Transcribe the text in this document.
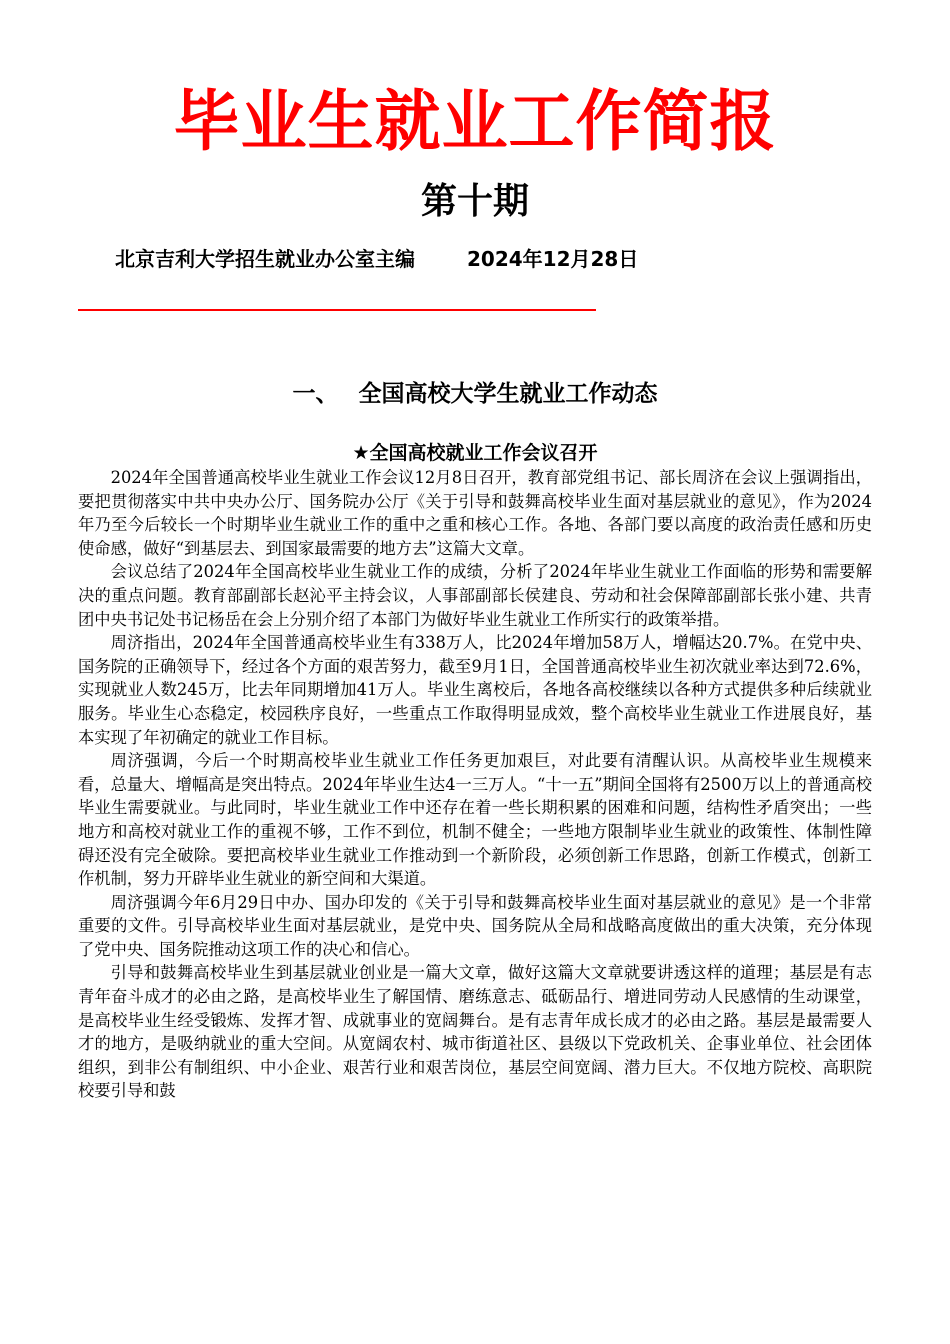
毕业生就业工作简报
第十期
北京吉利大学招生就业办公室主编	2024年12月28日
一、 全国高校大学生就业工作动态
★全国高校就业工作会议召开

2024年全国普通高校毕业生就业工作会议12月8日召开，教育部党组书记、部长周济在会议上强调指出，要把贯彻落实中共中央办公厅、国务院办公厅《关于引导和鼓舞高校毕业生面对基层就业的意见》，作为2024年乃至今后较长一个时期毕业生就业工作的重中之重和核心工作。各地、各部门要以高度的政治责任感和历史使命感，做好“到基层去、到国家最需要的地方去”这篇大文章。

会议总结了2024年全国高校毕业生就业工作的成绩，分析了2024年毕业生就业工作面临的形势和需要解决的重点问题。教育部副部长赵沁平主持会议，人事部副部长侯建良、劳动和社会保障部副部长张小建、共青团中央书记处书记杨岳在会上分别介绍了本部门为做好毕业生就业工作所实行的政策举措。

周济指出，2024年全国普通高校毕业生有338万人，比2024年增加58万人，增幅达20.7%。在党中央、国务院的正确领导下，经过各个方面的艰苦努力，截至9月1日，全国普通高校毕业生初次就业率达到72.6%，实现就业人数245万，比去年同期增加41万人。毕业生离校后，各地各高校继续以各种方式提供多种后续就业服务。毕业生心态稳定，校园秩序良好，一些重点工作取得明显成效，整个高校毕业生就业工作进展良好，基本实现了年初确定的就业工作目标。

周济强调，今后一个时期高校毕业生就业工作任务更加艰巨，对此要有清醒认识。从高校毕业生规模来看，总量大、增幅高是突出特点。2024年毕业生达4一三万人。“十一五”期间全国将有2500万以上的普通高校毕业生需要就业。与此同时，毕业生就业工作中还存在着一些长期积累的困难和问题，结构性矛盾突出；一些地方和高校对就业工作的重视不够，工作不到位，机制不健全；一些地方限制毕业生就业的政策性、体制性障碍还没有完全破除。要把高校毕业生就业工作推动到一个新阶段，必须创新工作思路，创新工作模式，创新工作机制，努力开辟毕业生就业的新空间和大渠道。

周济强调今年6月29日中办、国办印发的《关于引导和鼓舞高校毕业生面对基层就业的意见》是一个非常重要的文件。引导高校毕业生面对基层就业，是党中央、国务院从全局和战略高度做出的重大决策，充分体现了党中央、国务院推动这项工作的决心和信心。

引导和鼓舞高校毕业生到基层就业创业是一篇大文章，做好这篇大文章就要讲透这样的道理；基层是有志青年奋斗成才的必由之路，是高校毕业生了解国情、磨练意志、砥砺品行、增进同劳动人民感情的生动课堂，是高校毕业生经受锻炼、发挥才智、成就事业的宽阔舞台。是有志青年成长成才的必由之路。基层是最需要人才的地方，是吸纳就业的重大空间。从宽阔农村、城市街道社区、县级以下党政机关、企事业单位、社会团体组织，到非公有制组织、中小企业、艰苦行业和艰苦岗位，基层空间宽阔、潜力巨大。不仅地方院校、高职院校要引导和鼓
